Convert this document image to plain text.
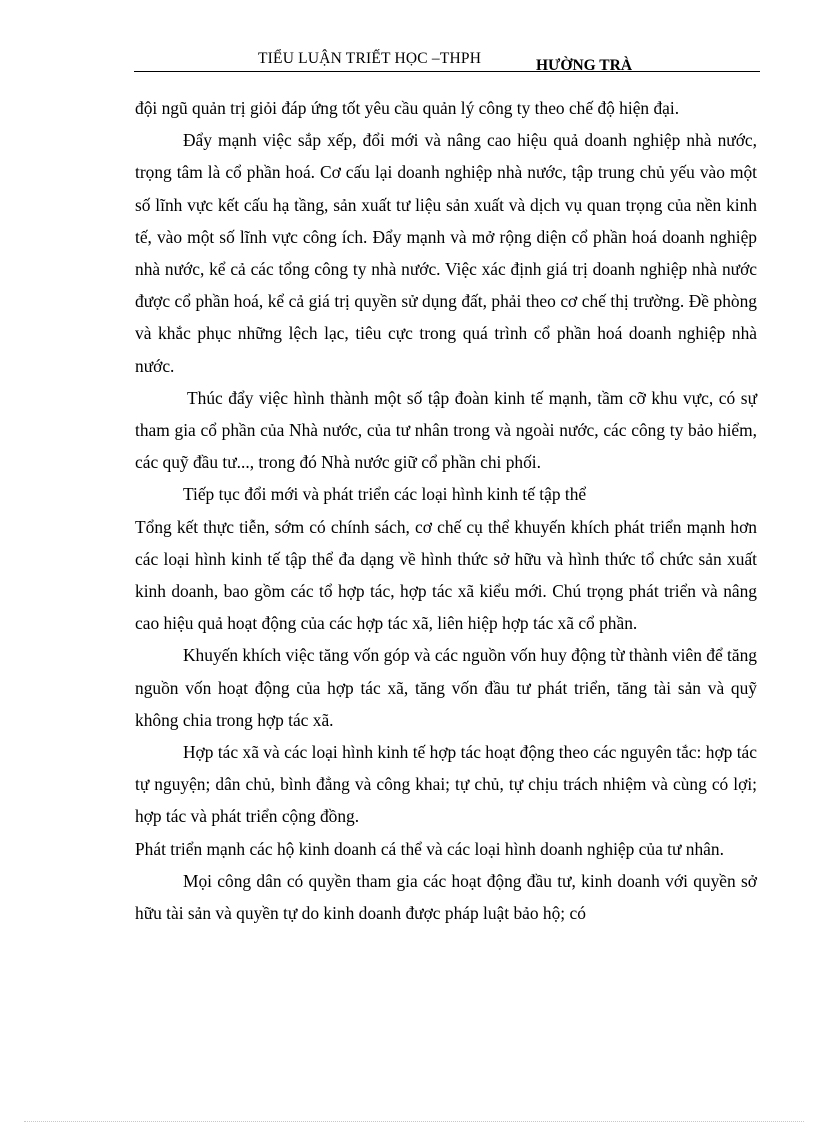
TIỂU LUẬN TRIẾT HỌC –THPH	HƯỜNG TRÀ

đội ngũ quản trị giỏi đáp ứng tốt yêu cầu quản lý công ty theo chế độ hiện đại.

Đẩy mạnh việc sắp xếp, đổi mới và nâng cao hiệu quả doanh nghiệp nhà nước, trọng tâm là cổ phần hoá. Cơ cấu lại doanh nghiệp nhà nước, tập trung chủ yếu vào một số lĩnh vực kết cấu hạ tầng, sản xuất tư liệu sản xuất và dịch vụ quan trọng của nền kinh tế, vào một số lĩnh vực công ích. Đẩy mạnh và mở rộng diện cổ phần hoá doanh nghiệp nhà nước, kể cả các tổng công ty nhà nước. Việc xác định giá trị doanh nghiệp nhà nước được cổ phần hoá, kể cả giá trị quyền sử dụng đất, phải theo cơ chế thị trường. Đề phòng và khắc phục những lệch lạc, tiêu cực trong quá trình cổ phần hoá doanh nghiệp nhà nước.

Thúc đẩy việc hình thành một số tập đoàn kinh tế mạnh, tầm cỡ khu vực, có sự tham gia cổ phần của Nhà nước, của tư nhân trong và ngoài nước, các công ty bảo hiểm, các quỹ đầu tư..., trong đó Nhà nước giữ cổ phần chi phối.

Tiếp tục đổi mới và phát triển các loại hình kinh tế tập thể

Tổng kết thực tiễn, sớm có chính sách, cơ chế cụ thể khuyến khích phát triển mạnh hơn các loại hình kinh tế tập thể đa dạng về hình thức sở hữu và hình thức tổ chức sản xuất kinh doanh, bao gồm các tổ hợp tác, hợp tác xã kiểu mới. Chú trọng phát triển và nâng cao hiệu quả hoạt động của các hợp tác xã, liên hiệp hợp tác xã cổ phần.

Khuyến khích việc tăng vốn góp và các nguồn vốn huy động từ thành viên để tăng nguồn vốn hoạt động của hợp tác xã, tăng vốn đầu tư phát triển, tăng tài sản và quỹ không chia trong hợp tác xã.

Hợp tác xã và các loại hình kinh tế hợp tác hoạt động theo các nguyên tắc: hợp tác tự nguyện; dân chủ, bình đẳng và công khai; tự chủ, tự chịu trách nhiệm và cùng có lợi; hợp tác và phát triển cộng đồng.

Phát triển mạnh các hộ kinh doanh cá thể và các loại hình doanh nghiệp của tư nhân.

Mọi công dân có quyền tham gia các hoạt động đầu tư, kinh doanh với quyền sở hữu tài sản và quyền tự do kinh doanh được pháp luật bảo hộ; có
